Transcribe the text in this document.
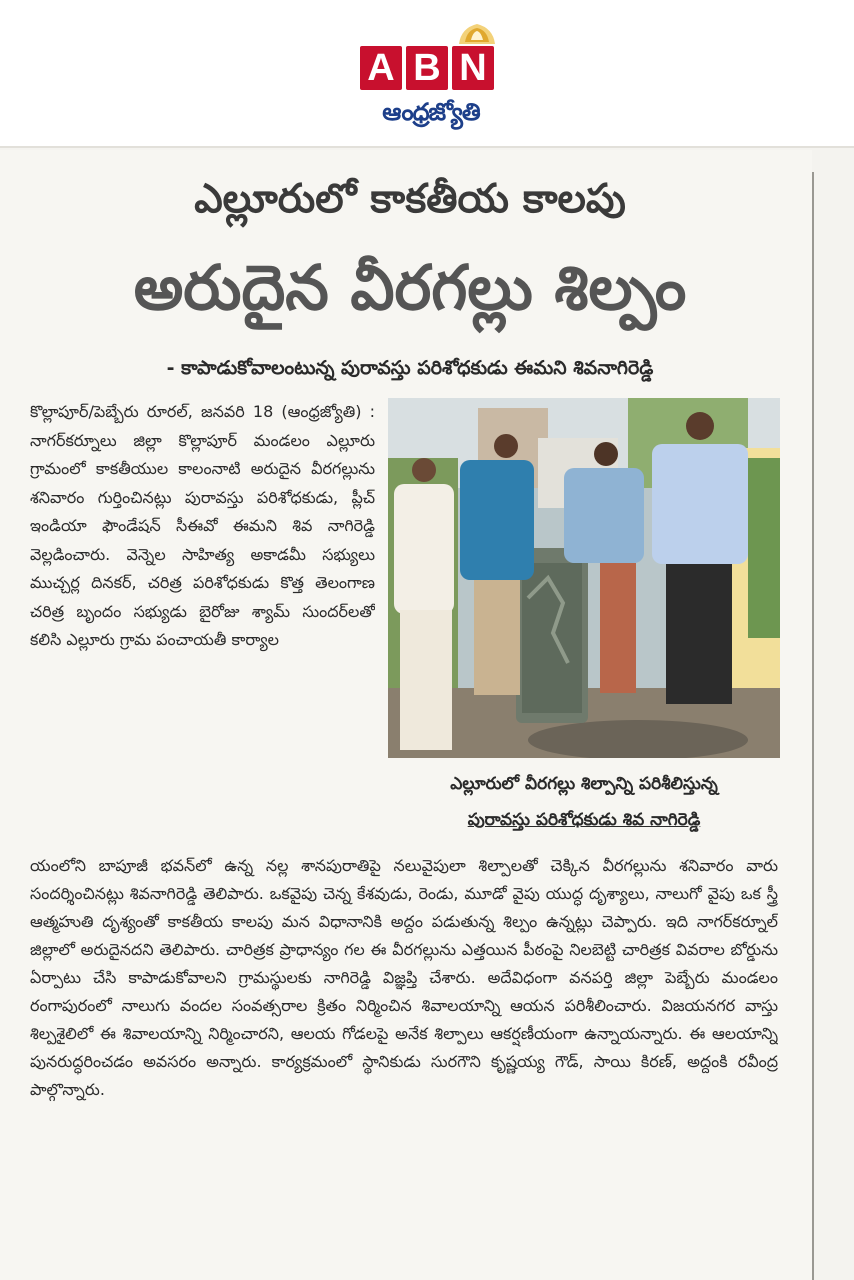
A B N
ఆంధ్రజ్యోతి
ఎల్లూరులో కాకతీయ కాలపు
అరుదైన వీరగల్లు శిల్పం
- కాపాడుకోవాలంటున్న పురావస్తు పరిశోధకుడు ఈమని శివనాగిరెడ్డి
కొల్లాపూర్/పెబ్బేరు రూరల్, జనవరి 18 (ఆంధ్రజ్యోతి) : నాగర్‌కర్నూలు జిల్లా కొల్లాపూర్ మండలం ఎల్లూరు గ్రామంలో కాకతీయుల కాలంనాటి అరుదైన వీరగల్లును శనివారం గుర్తించినట్లు పురావస్తు పరిశోధకుడు, ప్లీచ్ ఇండియా ఫౌండేషన్ సీఈవో ఈమని శివ నాగిరెడ్డి వెల్లడించారు. వెన్నెల సాహిత్య అకాడమీ సభ్యులు ముచ్చర్ల దినకర్, చరిత్ర పరిశోధకుడు కొత్త తెలంగాణ చరిత్ర బృందం సభ్యుడు బైరోజు శ్యామ్ సుందర్‌లతో కలిసి ఎల్లూరు గ్రామ పంచాయతీ కార్యాల
ఎల్లూరులో వీరగల్లు శిల్పాన్ని పరిశీలిస్తున్న
పురావస్తు పరిశోధకుడు శివ నాగిరెడ్డి
యంలోని బాపూజీ భవన్‌లో ఉన్న నల్ల శానపురాతిపై నలువైపులా శిల్పాలతో చెక్కిన వీరగల్లును శనివారం వారు సందర్శించినట్లు శివనాగిరెడ్డి తెలిపారు. ఒకవైపు చెన్న కేశవుడు, రెండు, మూడో వైపు యుద్ధ దృశ్యాలు, నాలుగో వైపు ఒక స్త్రీ ఆత్మహుతి దృశ్యంతో కాకతీయ కాలపు మన విధానానికి అద్దం పడుతున్న శిల్పం ఉన్నట్లు చెప్పారు. ఇది నాగర్‌కర్నూల్ జిల్లాలో అరుదైనదని తెలిపారు. చారిత్రక ప్రాధాన్యం గల ఈ వీరగల్లును ఎత్తయిన పీఠంపై నిలబెట్టి చారిత్రక వివరాల బోర్డును ఏర్పాటు చేసి కాపాడుకోవాలని గ్రామస్థులకు నాగిరెడ్డి విజ్ఞప్తి చేశారు. అదేవిధంగా వనపర్తి జిల్లా పెబ్బేరు మండలం రంగాపురంలో నాలుగు వందల సంవత్సరాల క్రితం నిర్మించిన శివాలయాన్ని ఆయన పరిశీలించారు. విజయనగర వాస్తు శిల్పశైలిలో ఈ శివాలయాన్ని నిర్మించారని, ఆలయ గోడలపై అనేక శిల్పాలు ఆకర్షణీయంగా ఉన్నాయన్నారు. ఈ ఆలయాన్ని పునరుద్ధరించడం అవసరం అన్నారు. కార్యక్రమంలో స్థానికుడు సురగౌని కృష్ణయ్య గౌడ్, సాయి కిరణ్, అద్దంకి రవీంద్ర పాల్గొన్నారు.
